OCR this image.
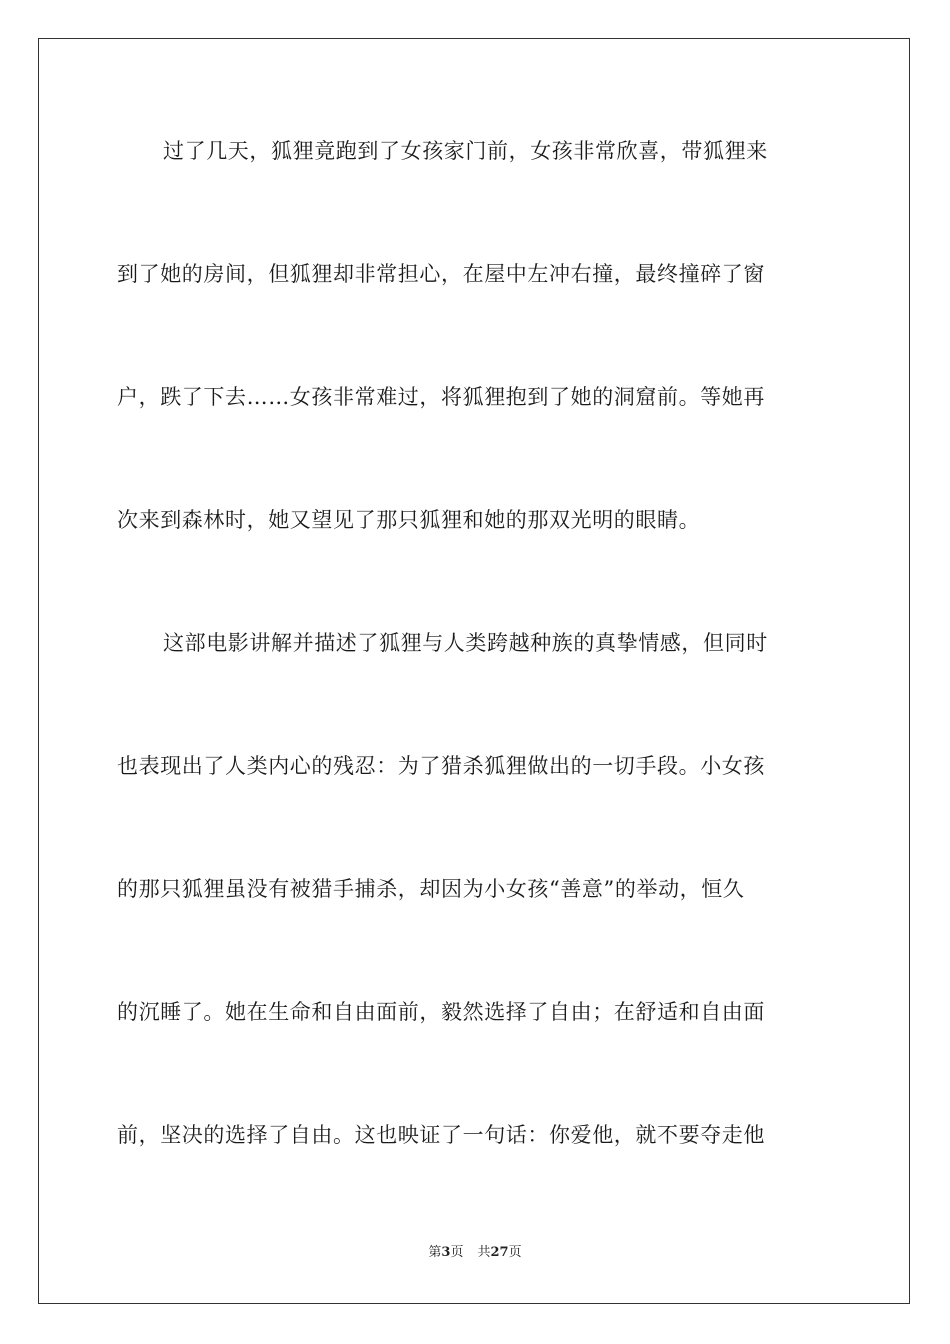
过了几天，狐狸竟跑到了女孩家门前，女孩非常欣喜，带狐狸来
到了她的房间，但狐狸却非常担心，在屋中左冲右撞，最终撞碎了窗
户，跌了下去……女孩非常难过，将狐狸抱到了她的洞窟前。等她再
次来到森林时，她又望见了那只狐狸和她的那双光明的眼睛。
这部电影讲解并描述了狐狸与人类跨越种族的真挚情感，但同时
也表现出了人类内心的残忍：为了猎杀狐狸做出的一切手段。小女孩
的那只狐狸虽没有被猎手捕杀，却因为小女孩“善意”的举动，恒久
的沉睡了。她在生命和自由面前，毅然选择了自由；在舒适和自由面
前，坚决的选择了自由。这也映证了一句话：你爱他，就不要夺走他
第3页 共27页
